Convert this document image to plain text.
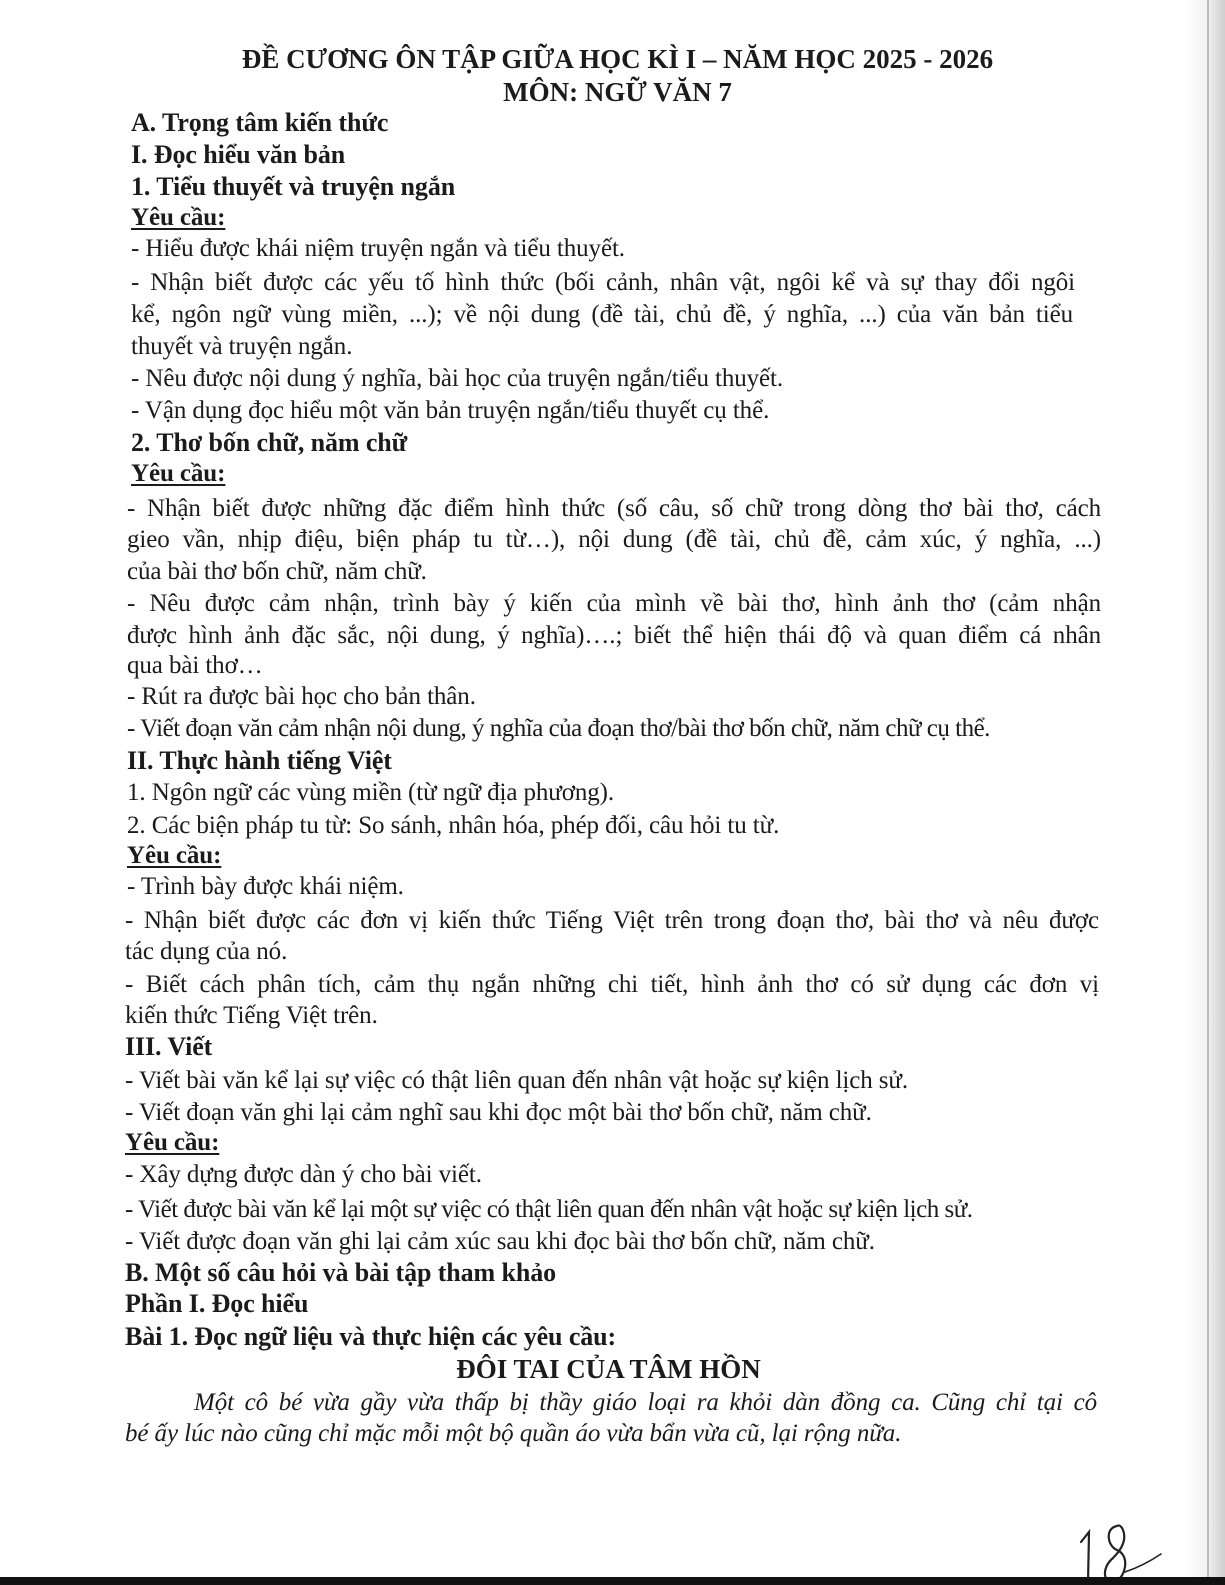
ĐỀ CƯƠNG ÔN TẬP GIỮA HỌC KÌ I – NĂM HỌC 2025 - 2026
MÔN: NGỮ VĂN 7
A. Trọng tâm kiến thức
I. Đọc hiểu văn bản
1. Tiểu thuyết và truyện ngắn
Yêu cầu:
- Hiểu được khái niệm truyện ngắn và tiểu thuyết.
- Nhận biết được các yếu tố hình thức (bối cảnh, nhân vật, ngôi kể và sự thay đổi ngôi
kể, ngôn ngữ vùng miền, ...); về nội dung (đề tài, chủ đề, ý nghĩa, ...) của văn bản tiểu
thuyết và truyện ngắn.
- Nêu được nội dung ý nghĩa, bài học của truyện ngắn/tiểu thuyết.
- Vận dụng đọc hiểu một văn bản truyện ngắn/tiểu thuyết cụ thể.
2. Thơ bốn chữ, năm chữ
Yêu cầu:
- Nhận biết được những đặc điểm hình thức (số câu, số chữ trong dòng thơ bài thơ, cách
gieo vần, nhịp điệu, biện pháp tu từ…), nội dung (đề tài, chủ đề, cảm xúc, ý nghĩa, ...)
của bài thơ bốn chữ, năm chữ.
- Nêu được cảm nhận, trình bày ý kiến của mình về bài thơ, hình ảnh thơ (cảm nhận
được hình ảnh đặc sắc, nội dung, ý nghĩa)….; biết thể hiện thái độ và quan điểm cá nhân
qua bài thơ…
- Rút ra được bài học cho bản thân.
- Viết đoạn văn cảm nhận nội dung, ý nghĩa của đoạn thơ/bài thơ bốn chữ, năm chữ cụ thể.
II. Thực hành tiếng Việt
1. Ngôn ngữ các vùng miền (từ ngữ địa phương).
2. Các biện pháp tu từ: So sánh, nhân hóa, phép đối, câu hỏi tu từ.
Yêu cầu:
- Trình bày được khái niệm.
- Nhận biết được các đơn vị kiến thức Tiếng Việt trên trong đoạn thơ, bài thơ và nêu được
tác dụng của nó.
- Biết cách phân tích, cảm thụ ngắn những chi tiết, hình ảnh thơ có sử dụng các đơn vị
kiến thức Tiếng Việt trên.
III. Viết
- Viết bài văn kể lại sự việc có thật liên quan đến nhân vật hoặc sự kiện lịch sử.
- Viết đoạn văn ghi lại cảm nghĩ sau khi đọc một bài thơ bốn chữ, năm chữ.
Yêu cầu:
- Xây dựng được dàn ý cho bài viết.
- Viết được bài văn kể lại một sự việc có thật liên quan đến nhân vật hoặc sự kiện lịch sử.
- Viết được đoạn văn ghi lại cảm xúc sau khi đọc bài thơ bốn chữ, năm chữ.
B. Một số câu hỏi và bài tập tham khảo
Phần I. Đọc hiểu
Bài 1. Đọc ngữ liệu và thực hiện các yêu cầu:
ĐÔI TAI CỦA TÂM HỒN
Một cô bé vừa gầy vừa thấp bị thầy giáo loại ra khỏi dàn đồng ca. Cũng chỉ tại cô
bé ấy lúc nào cũng chỉ mặc mỗi một bộ quần áo vừa bẩn vừa cũ, lại rộng nữa.
